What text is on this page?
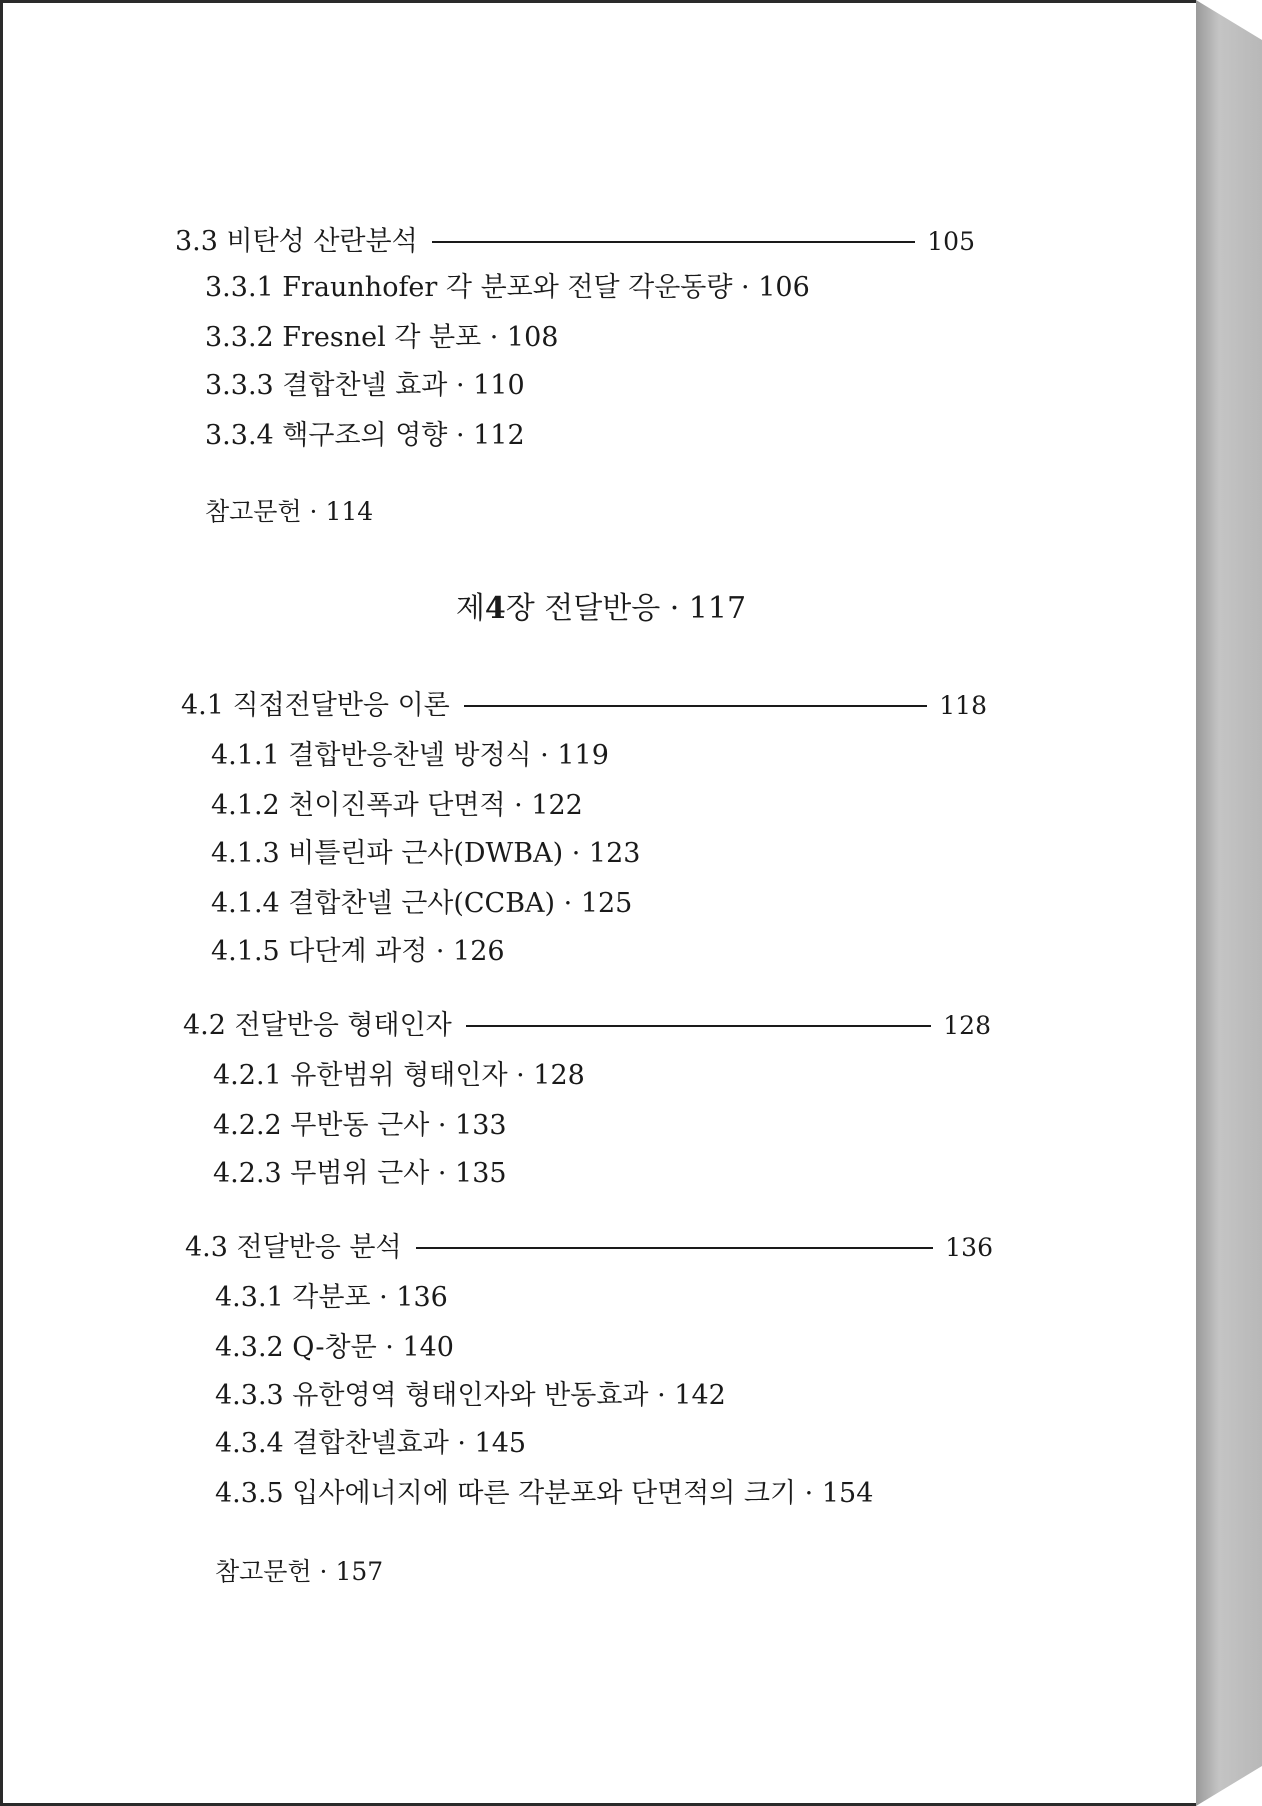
3.3 비탄성 산란분석	105
3.3.1 Fraunhofer 각 분포와 전달 각운동량 · 106
3.3.2 Fresnel 각 분포 · 108
3.3.3 결합찬넬 효과 · 110
3.3.4 핵구조의 영향 · 112
참고문헌 · 114
제4장 전달반응 · 117
4.1 직접전달반응 이론	118
4.1.1 결합반응찬넬 방정식 · 119
4.1.2 천이진폭과 단면적 · 122
4.1.3 비틀린파 근사(DWBA) · 123
4.1.4 결합찬넬 근사(CCBA) · 125
4.1.5 다단계 과정 · 126
4.2 전달반응 형태인자	128
4.2.1 유한범위 형태인자 · 128
4.2.2 무반동 근사 · 133
4.2.3 무범위 근사 · 135
4.3 전달반응 분석	136
4.3.1 각분포 · 136
4.3.2 Q-창문 · 140
4.3.3 유한영역 형태인자와 반동효과 · 142
4.3.4 결합찬넬효과 · 145
4.3.5 입사에너지에 따른 각분포와 단면적의 크기 · 154
참고문헌 · 157
